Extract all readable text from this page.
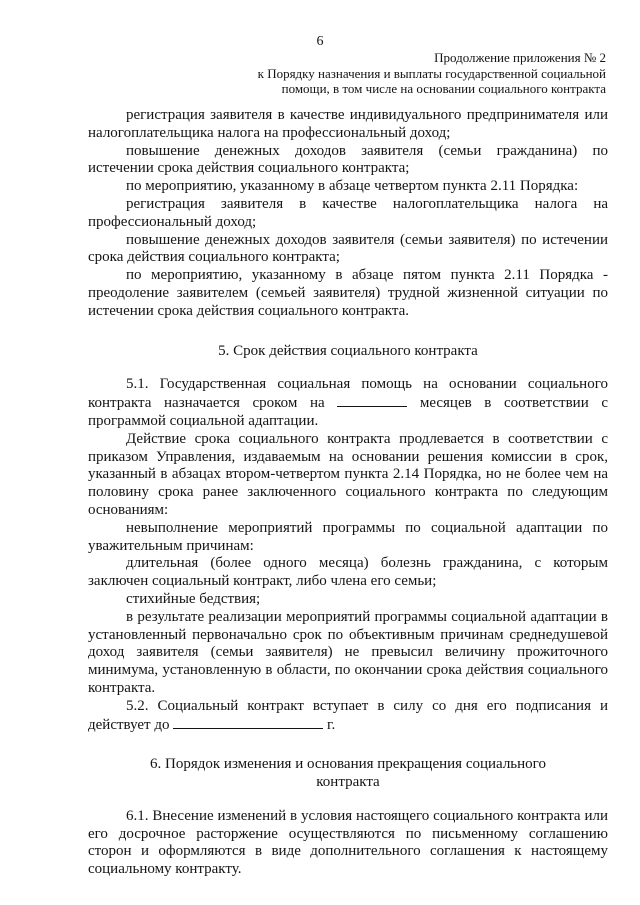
6
Продолжение приложения № 2
к Порядку назначения и выплаты государственной социальной
помощи, в том числе на основании социального контракта

регистрация заявителя в качестве индивидуального предпринимателя или налогоплательщика налога на профессиональный доход;

повышение денежных доходов заявителя (семьи гражданина) по истечении срока действия социального контракта;

по мероприятию, указанному в абзаце четвертом пункта 2.11 Порядка:

регистрация заявителя в качестве налогоплательщика налога на профессиональный доход;

повышение денежных доходов заявителя (семьи заявителя) по истечении срока действия социального контракта;

по мероприятию, указанному в абзаце пятом пункта 2.11 Порядка - преодоление заявителем (семьей заявителя) трудной жизненной ситуации по истечении срока действия социального контракта.

5. Срок действия социального контракта

5.1. Государственная социальная помощь на основании социального контракта назначается сроком на	месяцев в соответствии с программой социальной адаптации.

Действие срока социального контракта продлевается в соответствии с приказом Управления, издаваемым на основании решения комиссии в срок, указанный в абзацах втором-четвертом пункта 2.14 Порядка, но не более чем на половину срока ранее заключенного социального контракта по следующим основаниям:

невыполнение мероприятий программы по социальной адаптации по уважительным причинам:

длительная (более одного месяца) болезнь гражданина, с которым заключен социальный контракт, либо члена его семьи;

стихийные бедствия;

в результате реализации мероприятий программы социальной адаптации в установленный первоначально срок по объективным причинам среднедушевой доход заявителя (семьи заявителя) не превысил величину прожиточного минимума, установленную в области, по окончании срока действия социального контракта.

5.2. Социальный контракт вступает в силу со дня его подписания и действует до	г.

6. Порядок изменения и основания прекращения социального
контракта

6.1. Внесение изменений в условия настоящего социального контракта или его досрочное расторжение осуществляются по письменному соглашению сторон и оформляются в виде дополнительного соглашения к настоящему социальному контракту.
